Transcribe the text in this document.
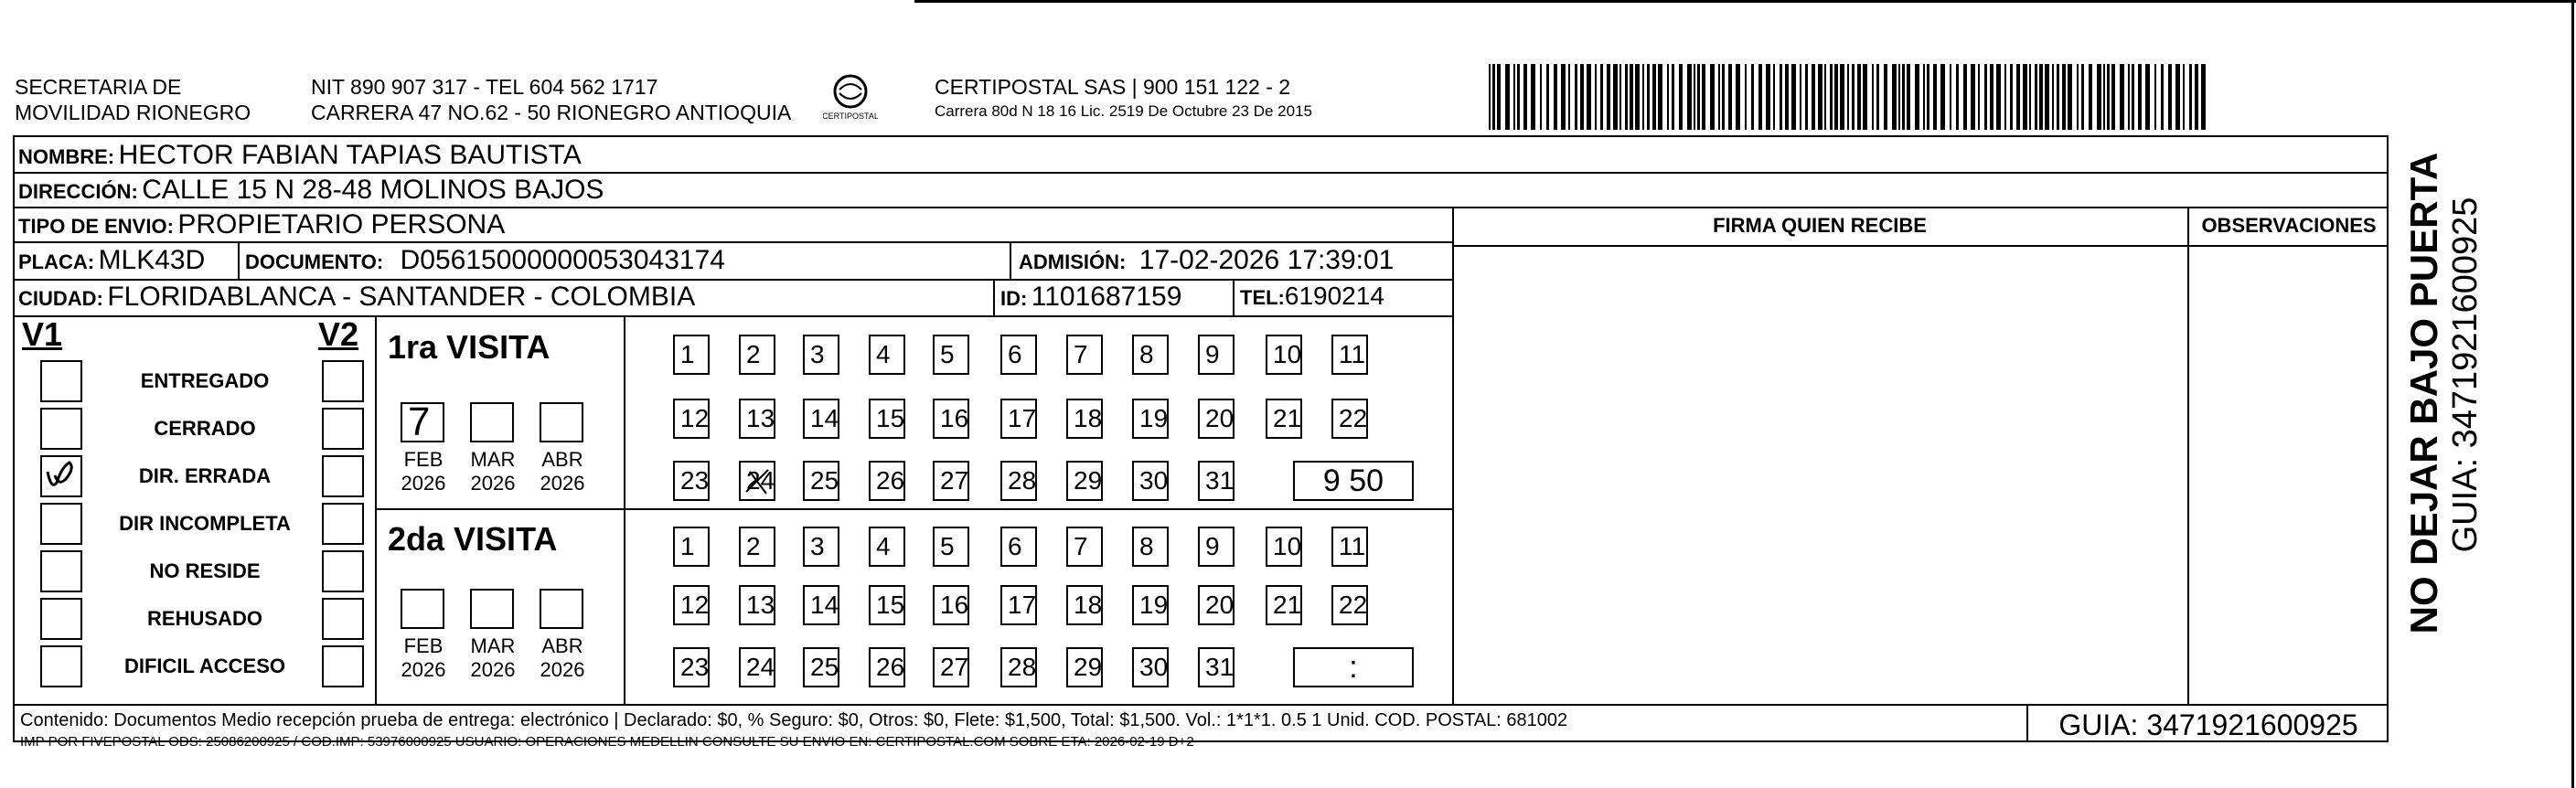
SECRETARIA DE
MOVILIDAD RIONEGRO
NIT 890 907 317 - TEL 604 562 1717
CARRERA 47 NO.62 - 50 RIONEGRO ANTIOQUIA	CERTIPOSTAL
CERTIPOSTAL SAS | 900 151 122 - 2
Carrera 80d N 18 16 Lic. 2519 De Octubre 23 De 2015
NOMBRE: HECTOR FABIAN TAPIAS BAUTISTA
DIRECCIÓN: CALLE 15 N 28-48 MOLINOS BAJOS
TIPO DE ENVIO: PROPIETARIO PERSONA	FIRMA QUIEN RECIBE	OBSERVACIONES
PLACA: MLK43D DOCUMENTO: D05615000000053043174	ADMISIÓN: 17-02-2026 17:39:01
CIUDAD: FLORIDABLANCA - SANTANDER - COLOMBIA	ID: 1101687159	TEL:6190214
V1	V2
ENTREGADO
CERRADO
DIR. ERRADA
DIR INCOMPLETA
NO RESIDE
REHUSADO
DIFICIL ACCESO
1ra VISITA
2da VISITA
7
FEB
2026
MAR
2026
ABR
2026
FEB
2026
MAR
2026
ABR
2026
1	2	3	4	5	6	7	8	9	10 11
12 13 14 15 16 17 18 19 20 21 22
23 24 25 26 27 28 29 30 31	9 50
1	2	3	4	5	6	7	8	9	10 11
12 13 14 15 16 17 18 19 20 21 22
23 24 25 26 27 28 29 30 31	:
Contenido: Documentos Medio recepción prueba de entrega: electrónico | Declarado: $0, % Seguro: $0, Otros: $0, Flete: $1,500, Total: $1,500. Vol.: 1*1*1. 0.5 1 Unid. COD. POSTAL: 681002
IMP POR FIVEPOSTAL ODS: 25086200925 / COD.IMP: 53976000925 USUARIO: OPERACIONES MEDELLIN CONSULTE SU ENVIO EN: CERTIPOSTAL.COM SOBRE ETA: 2026-02-19 D+2
GUIA: 3471921600925
NO DEJAR BAJO PUERTA GUIA: 3471921600925
